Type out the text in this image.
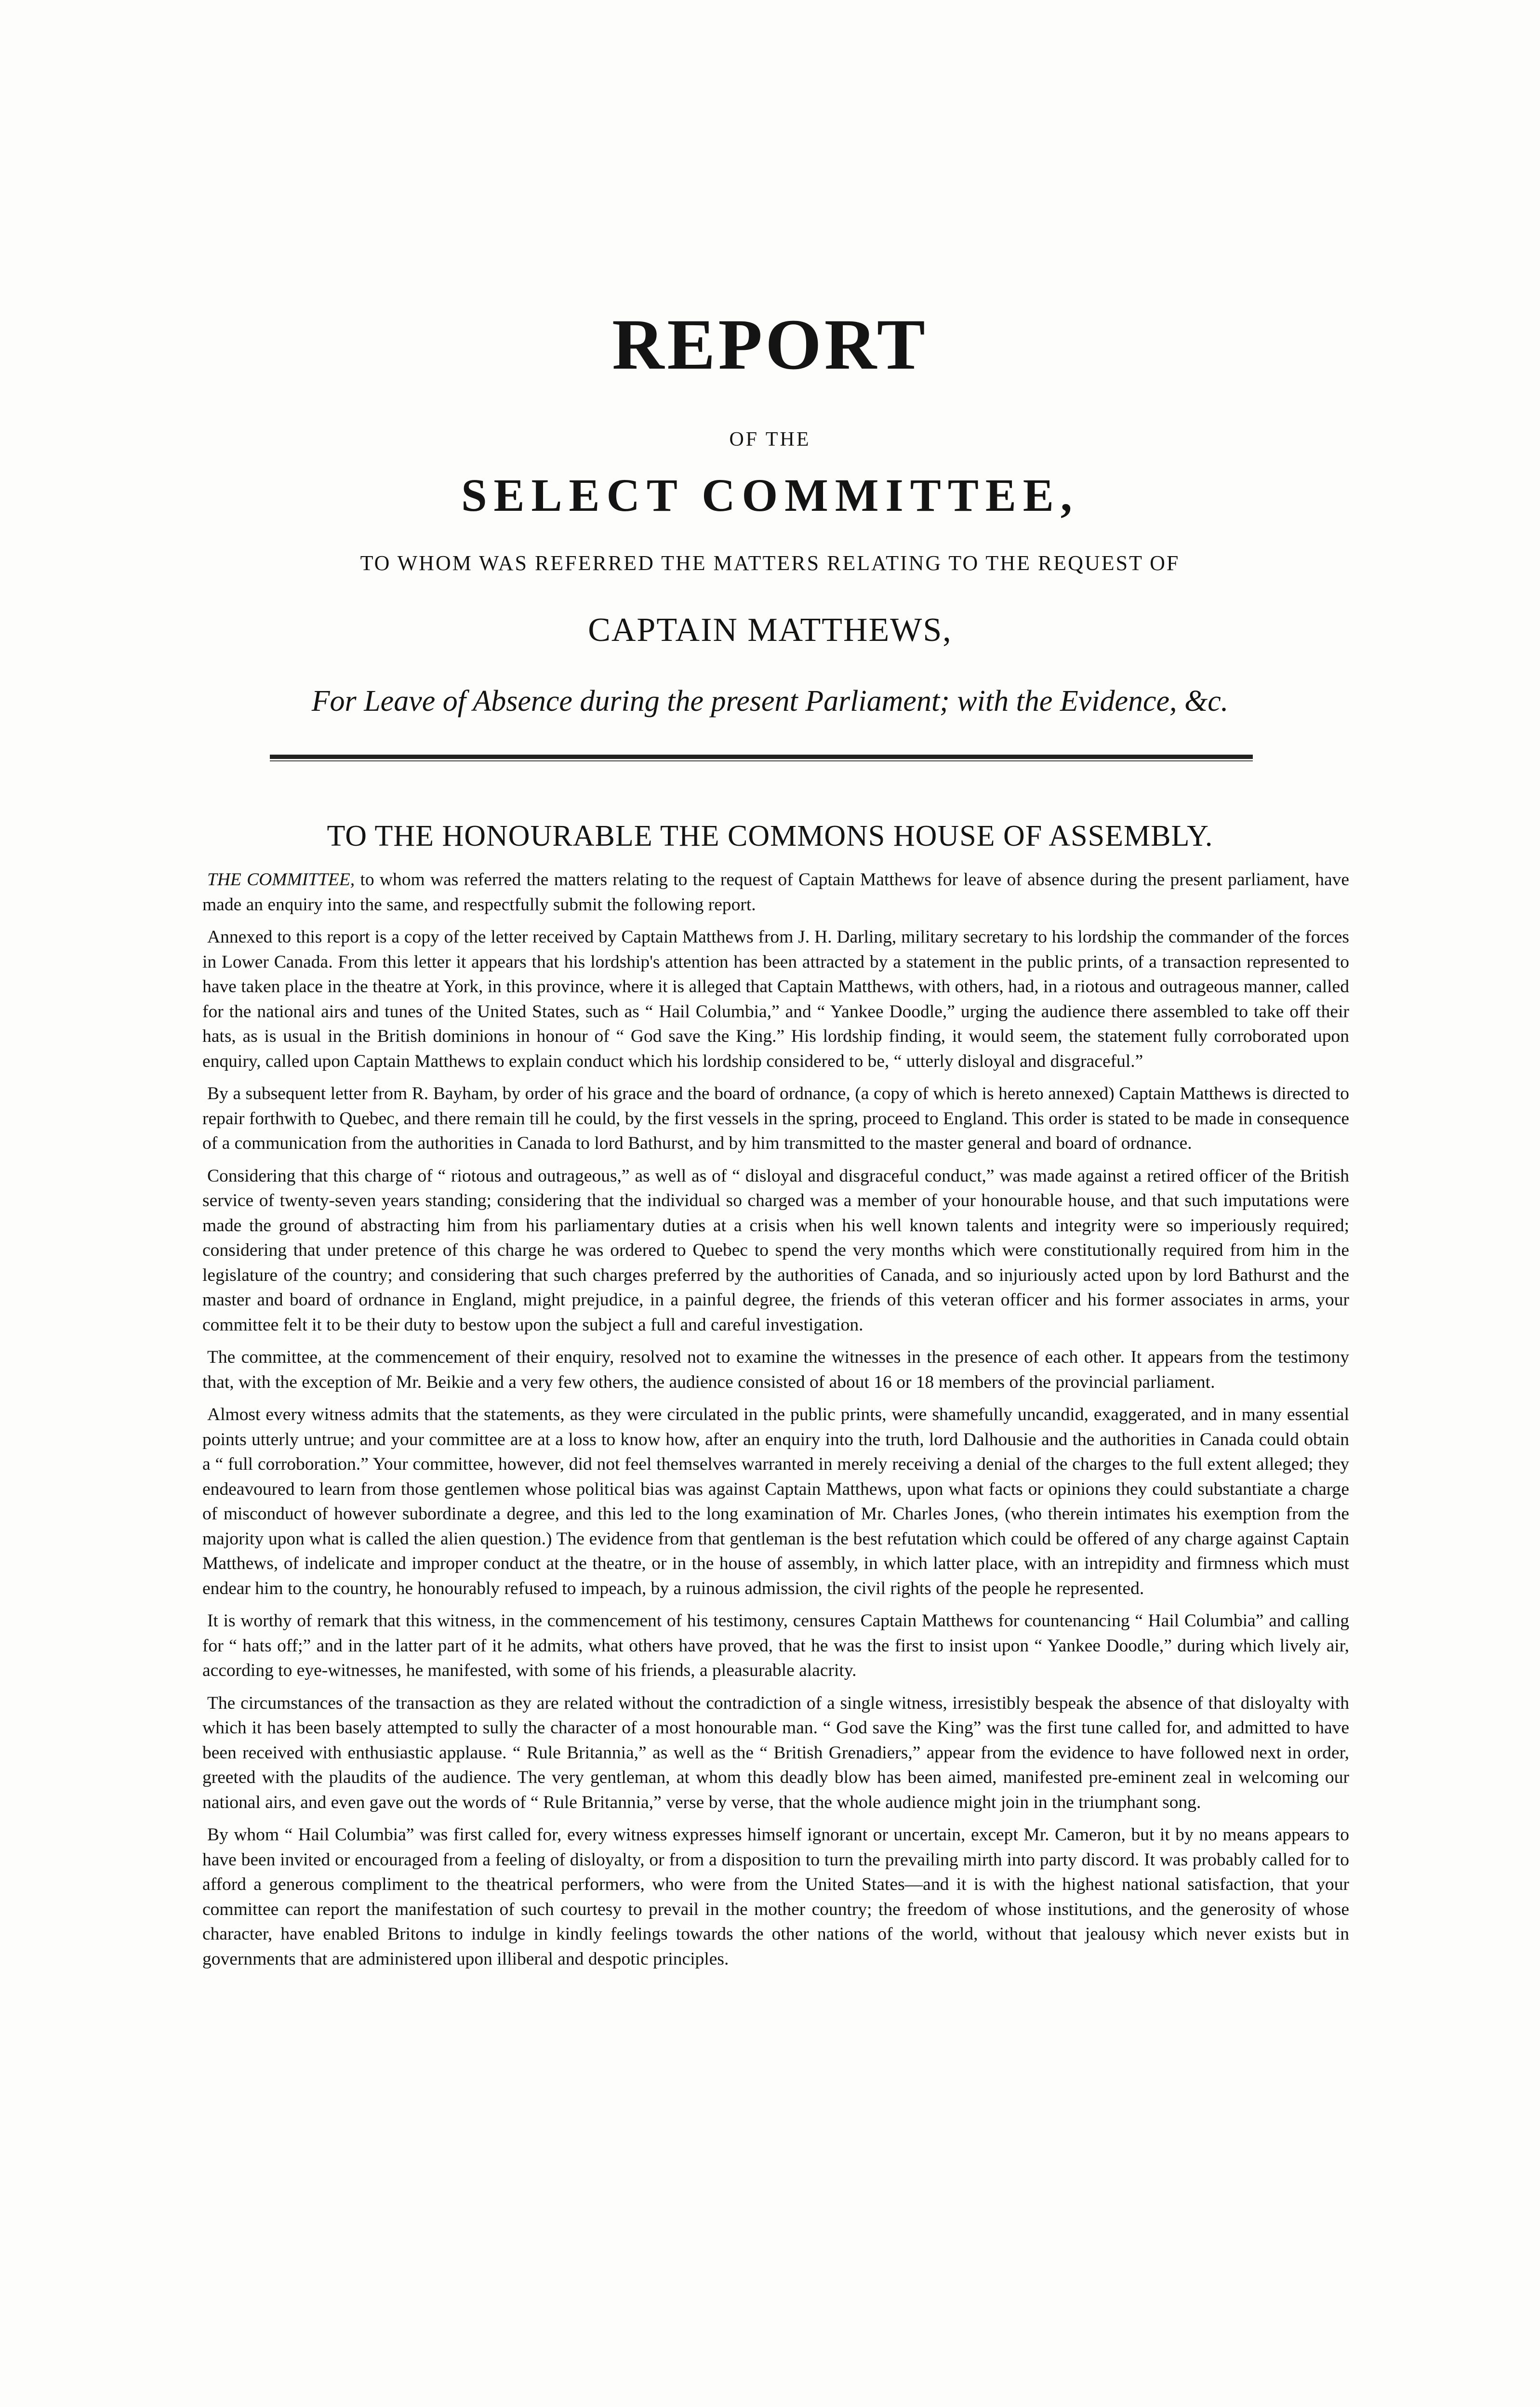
REPORT
OF THE
SELECT COMMITTEE,
TO WHOM WAS REFERRED THE MATTERS RELATING TO THE REQUEST OF
CAPTAIN MATTHEWS,
For Leave of Absence during the present Parliament; with the Evidence, &c.
TO THE HONOURABLE THE COMMONS HOUSE OF ASSEMBLY.

THE COMMITTEE, to whom was referred the matters relating to the request of Captain Matthews for leave of absence during the present parliament, have made an enquiry into the same, and respectfully submit the following report.

Annexed to this report is a copy of the letter received by Captain Matthews from J. H. Darling, military secretary to his lordship the commander of the forces in Lower Canada. From this letter it appears that his lordship's attention has been attracted by a statement in the public prints, of a transaction represented to have taken place in the theatre at York, in this province, where it is alleged that Captain Matthews, with others, had, in a riotous and outrageous manner, called for the national airs and tunes of the United States, such as “ Hail Columbia,” and “ Yankee Doodle,” urging the audience there assembled to take off their hats, as is usual in the British dominions in honour of “ God save the King.” His lordship finding, it would seem, the statement fully corroborated upon enquiry, called upon Captain Matthews to explain conduct which his lordship considered to be, “ utterly disloyal and disgraceful.”

By a subsequent letter from R. Bayham, by order of his grace and the board of ordnance, (a copy of which is hereto annexed) Captain Matthews is directed to repair forthwith to Quebec, and there remain till he could, by the first vessels in the spring, proceed to England. This order is stated to be made in consequence of a communication from the authorities in Canada to lord Bathurst, and by him transmitted to the master general and board of ordnance.

Considering that this charge of “ riotous and outrageous,” as well as of “ disloyal and disgraceful conduct,” was made against a retired officer of the British service of twenty-seven years standing; considering that the individual so charged was a member of your honourable house, and that such imputations were made the ground of abstracting him from his parliamentary duties at a crisis when his well known talents and integrity were so imperiously required; considering that under pretence of this charge he was ordered to Quebec to spend the very months which were constitutionally required from him in the legislature of the country; and considering that such charges preferred by the authorities of Canada, and so injuriously acted upon by lord Bathurst and the master and board of ordnance in England, might prejudice, in a painful degree, the friends of this veteran officer and his former associates in arms, your committee felt it to be their duty to bestow upon the subject a full and careful investigation.

The committee, at the commencement of their enquiry, resolved not to examine the witnesses in the presence of each other. It appears from the testimony that, with the exception of Mr. Beikie and a very few others, the audience consisted of about 16 or 18 members of the provincial parliament.

Almost every witness admits that the statements, as they were circulated in the public prints, were shamefully uncandid, exaggerated, and in many essential points utterly untrue; and your committee are at a loss to know how, after an enquiry into the truth, lord Dalhousie and the authorities in Canada could obtain a “ full corroboration.” Your committee, however, did not feel themselves warranted in merely receiving a denial of the charges to the full extent alleged; they endeavoured to learn from those gentlemen whose political bias was against Captain Matthews, upon what facts or opinions they could substantiate a charge of misconduct of however subordinate a degree, and this led to the long examination of Mr. Charles Jones, (who therein intimates his exemption from the majority upon what is called the alien question.) The evidence from that gentleman is the best refutation which could be offered of any charge against Captain Matthews, of indelicate and improper conduct at the theatre, or in the house of assembly, in which latter place, with an intrepidity and firmness which must endear him to the country, he honourably refused to impeach, by a ruinous admission, the civil rights of the people he represented.

It is worthy of remark that this witness, in the commencement of his testimony, censures Captain Matthews for countenancing “ Hail Columbia” and calling for “ hats off;” and in the latter part of it he admits, what others have proved, that he was the first to insist upon “ Yankee Doodle,” during which lively air, according to eye-witnesses, he manifested, with some of his friends, a pleasurable alacrity.

The circumstances of the transaction as they are related without the contradiction of a single witness, irresistibly bespeak the absence of that disloyalty with which it has been basely attempted to sully the character of a most honourable man. “ God save the King” was the first tune called for, and admitted to have been received with enthusiastic applause. “ Rule Britannia,” as well as the “ British Grenadiers,” appear from the evidence to have followed next in order, greeted with the plaudits of the audience. The very gentleman, at whom this deadly blow has been aimed, manifested pre-eminent zeal in welcoming our national airs, and even gave out the words of “ Rule Britannia,” verse by verse, that the whole audience might join in the triumphant song.

By whom “ Hail Columbia” was first called for, every witness expresses himself ignorant or uncertain, except Mr. Cameron, but it by no means appears to have been invited or encouraged from a feeling of disloyalty, or from a disposition to turn the prevailing mirth into party discord. It was probably called for to afford a generous compliment to the theatrical performers, who were from the United States—and it is with the highest national satisfaction, that your committee can report the manifestation of such courtesy to prevail in the mother country; the freedom of whose institutions, and the generosity of whose character, have enabled Britons to indulge in kindly feelings towards the other nations of the world, without that jealousy which never exists but in governments that are administered upon illiberal and despotic principles.
